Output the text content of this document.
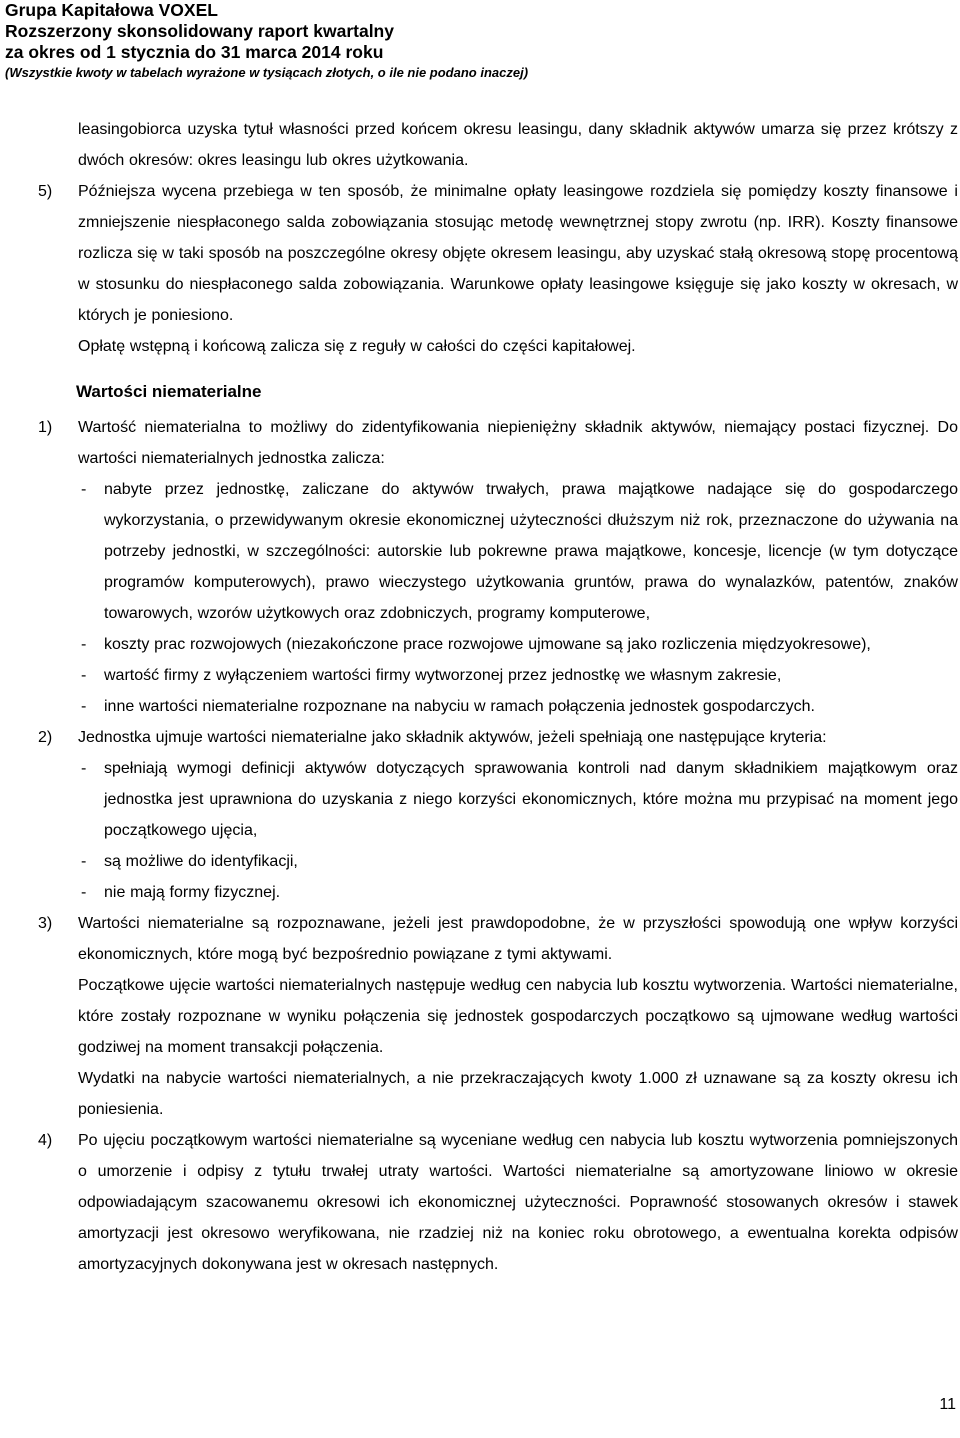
Grupa Kapitałowa VOXEL
Rozszerzony skonsolidowany raport kwartalny
za okres od 1 stycznia do 31 marca 2014 roku
(Wszystkie kwoty w tabelach wyrażone w tysiącach złotych, o ile nie podano inaczej)

leasingobiorca uzyska tytuł własności przed końcem okresu leasingu, dany składnik aktywów umarza się przez krótszy z dwóch okresów: okres leasingu lub okres użytkowania.

5) Późniejsza wycena przebiega w ten sposób, że minimalne opłaty leasingowe rozdziela się pomiędzy koszty finansowe i zmniejszenie niespłaconego salda zobowiązania stosując metodę wewnętrznej stopy zwrotu (np. IRR). Koszty finansowe rozlicza się w taki sposób na poszczególne okresy objęte okresem leasingu, aby uzyskać stałą okresową stopę procentową w stosunku do niespłaconego salda zobowiązania. Warunkowe opłaty leasingowe księguje się jako koszty w okresach, w których je poniesiono.

Opłatę wstępną i końcową zalicza się z reguły w całości do części kapitałowej.

Wartości niematerialne
1) Wartość niematerialna to możliwy do zidentyfikowania niepieniężny składnik aktywów, niemający postaci fizycznej. Do wartości niematerialnych jednostka zalicza:
- nabyte przez jednostkę, zaliczane do aktywów trwałych, prawa majątkowe nadające się do gospodarczego wykorzystania, o przewidywanym okresie ekonomicznej użyteczności dłuższym niż rok, przeznaczone do używania na potrzeby jednostki, w szczególności: autorskie lub pokrewne prawa majątkowe, koncesje, licencje (w tym dotyczące programów komputerowych), prawo wieczystego użytkowania gruntów, prawa do wynalazków, patentów, znaków towarowych, wzorów użytkowych oraz zdobniczych, programy komputerowe,
- koszty prac rozwojowych (niezakończone prace rozwojowe ujmowane są jako rozliczenia międzyokresowe),
- wartość firmy z wyłączeniem wartości firmy wytworzonej przez jednostkę we własnym zakresie,
- inne wartości niematerialne rozpoznane na nabyciu w ramach połączenia jednostek gospodarczych.
2) Jednostka ujmuje wartości niematerialne jako składnik aktywów, jeżeli spełniają one następujące kryteria:
- spełniają wymogi definicji aktywów dotyczących sprawowania kontroli nad danym składnikiem majątkowym oraz jednostka jest uprawniona do uzyskania z niego korzyści ekonomicznych, które można mu przypisać na moment jego początkowego ujęcia,
- są możliwe do identyfikacji,
- nie mają formy fizycznej.
3) Wartości niematerialne są rozpoznawane, jeżeli jest prawdopodobne, że w przyszłości spowodują one wpływ korzyści ekonomicznych, które mogą być bezpośrednio powiązane z tymi aktywami.

Początkowe ujęcie wartości niematerialnych następuje według cen nabycia lub kosztu wytworzenia. Wartości niematerialne, które zostały rozpoznane w wyniku połączenia się jednostek gospodarczych początkowo są ujmowane według wartości godziwej na moment transakcji połączenia.

Wydatki na nabycie wartości niematerialnych, a nie przekraczających kwoty 1.000 zł uznawane są za koszty okresu ich poniesienia.

4) Po ujęciu początkowym wartości niematerialne są wyceniane według cen nabycia lub kosztu wytworzenia pomniejszonych o umorzenie i odpisy z tytułu trwałej utraty wartości. Wartości niematerialne są amortyzowane liniowo w okresie odpowiadającym szacowanemu okresowi ich ekonomicznej użyteczności. Poprawność stosowanych okresów i stawek amortyzacji jest okresowo weryfikowana, nie rzadziej niż na koniec roku obrotowego, a ewentualna korekta odpisów amortyzacyjnych dokonywana jest w okresach następnych.
11
